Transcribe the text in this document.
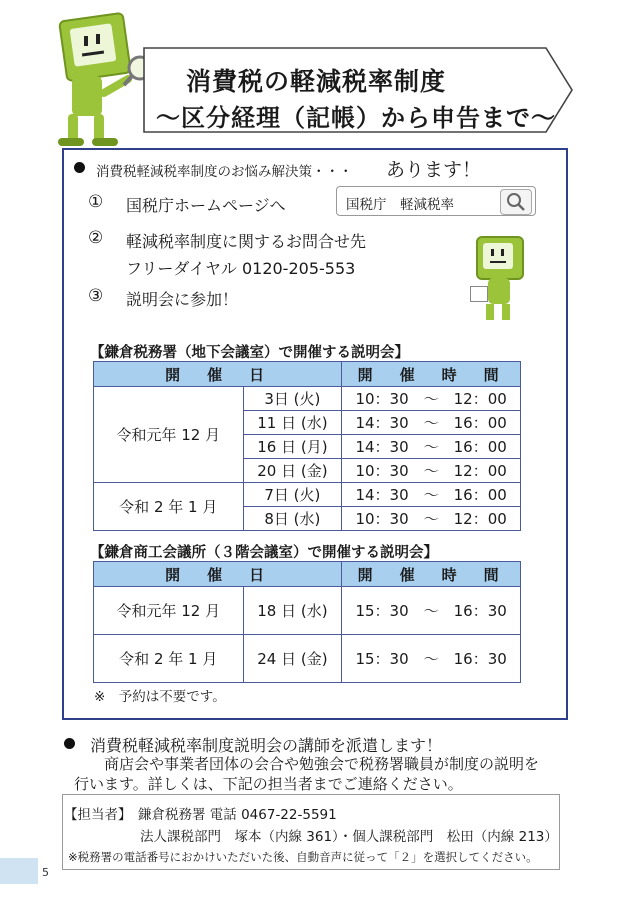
消費税の軽減税率制度
～区分経理（記帳）から申告まで～
消費税軽減税率制度のお悩み解決策・・・ あります！
① 国税庁ホームページへ	国税庁　軽減税率
② 軽減税率制度に関するお問合せ先
フリーダイヤル 0120-205-553
③ 説明会に参加！
【鎌倉税務署（地下会議室）で開催する説明会】
開　催　日		開　催　時　間
令和元年 12 月	3日 (火)	10：30　～　12：00
	11 日 (水)	14：30　～　16：00
	16 日 (月)	14：30　～　16：00
	20 日 (金)	10：30　～　12：00
令和 2 年 1 月	7日 (火)	14：30　～　16：00
	8日 (水)	10：30　～　12：00
【鎌倉商工会議所（３階会議室）で開催する説明会】
開　催　日		開　催　時　間
令和元年 12 月	18 日 (水)	15：30　～　16：30
令和 2 年 1 月	24 日 (金)	15：30　～　16：30
※　予約は不要です。
消費税軽減税率制度説明会の講師を派遣します！
商店会や事業者団体の会合や勉強会で税務署職員が制度の説明を
行います。詳しくは、下記の担当者までご連絡ください。
【担当者】 鎌倉税務署 電話 0467-22-5591
法人課税部門　塚本（内線 361）・個人課税部門　松田（内線 213）
※税務署の電話番号におかけいただいた後、自動音声に従って「２」を選択してください。
5
